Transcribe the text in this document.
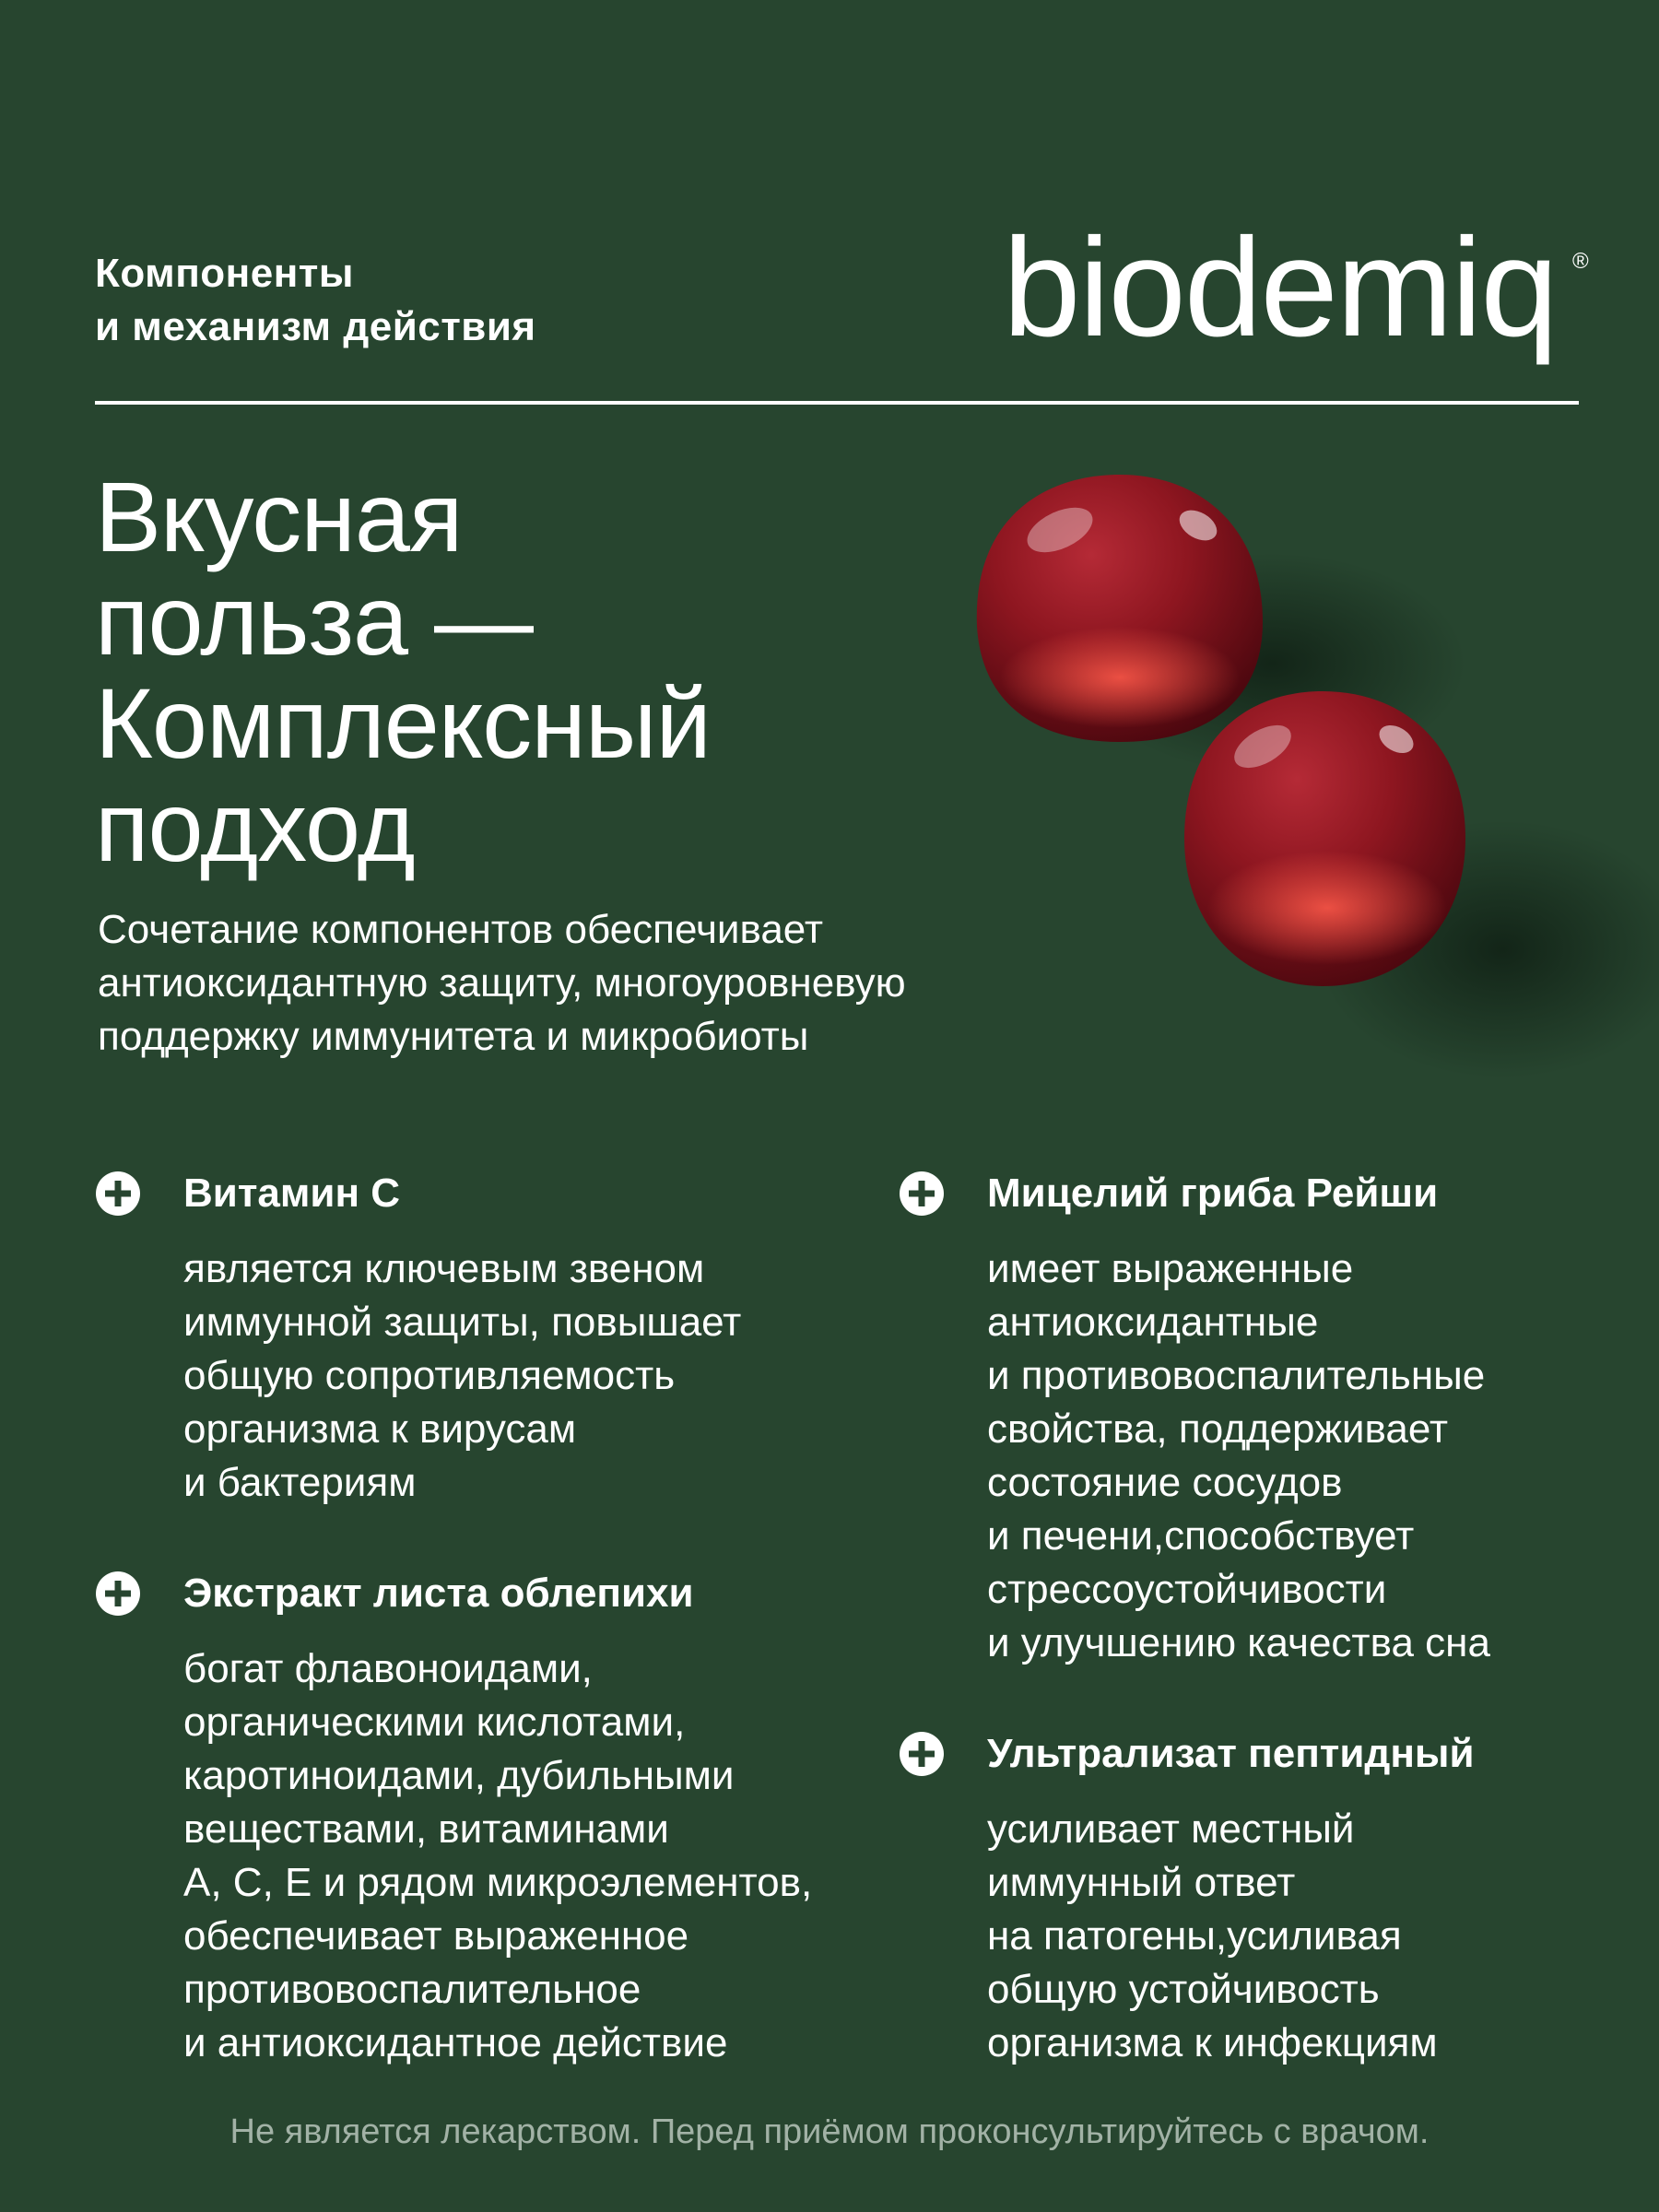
Компоненты
и механизм действия	biodemiq ®
Вкусная
польза —
Комплексный
подход
Сочетание компонентов обеспечивает
антиоксидантную защиту, многоуровневую
поддержку иммунитета и микробиоты
Витамин С
является ключевым звеном
иммунной защиты, повышает
общую сопротивляемость
организма к вирусам
и бактериям
Экстракт листа облепихи
богат флавоноидами,
органическими кислотами,
каротиноидами, дубильными
веществами, витаминами
А, С, Е и рядом микроэлементов,
обеспечивает выраженное
противовоспалительное
и антиоксидантное действие
Мицелий гриба Рейши
имеет выраженные
антиоксидантные
и противовоспалительные
свойства, поддерживает
состояние сосудов
и печени,способствует
стрессоустойчивости
и улучшению качества сна
Ультрализат пептидный
усиливает местный
иммунный ответ
на патогены,усиливая
общую устойчивость
организма к инфекциям
Не является лекарством. Перед приёмом проконсультируйтесь с врачом.
